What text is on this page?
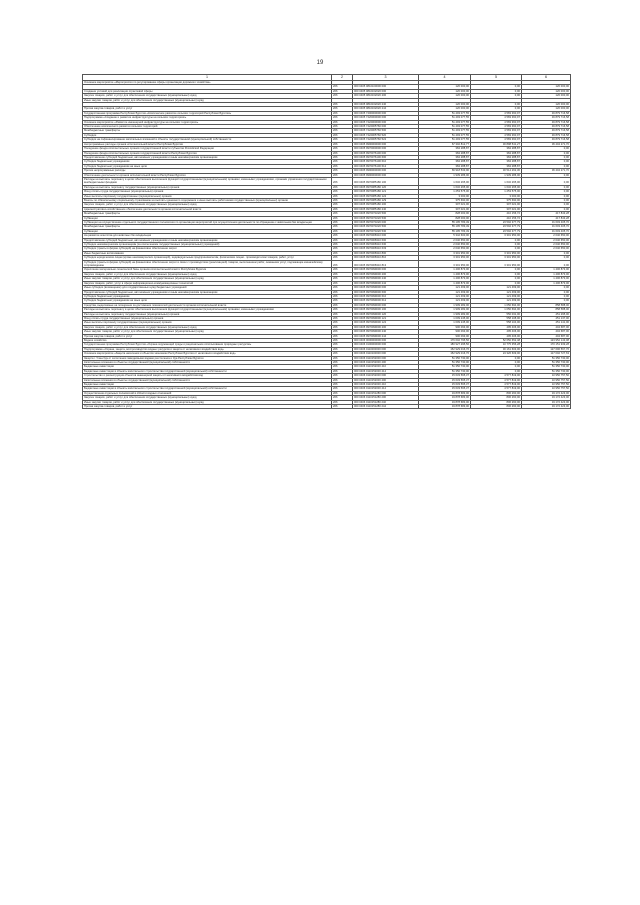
19
1	2	3	4	5	6
Основное мероприятие «Мероприятия по регулированию сферы организации дорожного хозяйства»					
	206	000 0405 0810100000 000	120 000,00	0,00	120 000,00
Создание условий для реализации отраслевой сферы	206	000 0405 0810162020 000	120 000,00	0,00	120 000,00
Закупка товаров, работ и услуг для обеспечения государственных (муниципальных) нужд	206	000 0405 0810162020 200	120 000,00	0,00	120 000,00
Иные закупки товаров, работ и услуг для обеспечения государственных (муниципальных) нужд					
	206	000 0405 0810162020 240	120 000,00	0,00	120 000,00
Прочая закупка товаров, работ и услуг	206	000 0405 0810162020 244	120 000,00	0,00	120 000,00
Государственная программа Республики Бурятия «Комплексное развитие сельских территорий Республики Бурятия»	206	000 0405 7400000000 000	51 493 077,55	4 583 360,97	46 879 716,58
Подпрограмма «Создание и развитие инфраструктуры на сельских территориях»	206	000 0405 7420000000 000	51 493 077,55	4 583 360,97	46 879 716,58
Основное мероприятие «Развитие инженерной инфраструктуры на сельских территориях»	206	000 0405 7422000000 000	51 493 077,55	4 583 360,97	46 879 716,58
Обеспечение комплексного развития сельских территорий	206	000 0405 7422005760 000	51 493 077,55	4 583 360,97	46 879 716,58
Межбюджетные трансферты	206	000 0405 7422005760 500	51 493 077,55	4 583 360,97	46 879 716,58
Субсидии	206	000 0405 7422005760 520	51 493 077,55	4 583 360,97	46 879 716,58
Субсидии на софинансирование капитальных вложений в объекты государственной (муниципальной) собственности	206	000 0405 7422005760 522	51 493 077,55	4 583 360,97	46 879 716,58
Непрограммные расходы органов исполнительной власти Республики Бурятия	206	000 0405 9990000000 000	67 302 812,77	30 898 541,27	36 404 271,70
Поощрение фонда исполнительных органов государственной власти субъектов Российской Федерации	206	000 0405 9970000000 000	384 288,87	384 288,87	0,00
Поощрение фонда исполнительных органов государственной власти Республики Бурятия	206	000 0405 9970076100 000	384 288,87	384 288,87	0,00
Предоставление субсидий бюджетным, автономным учреждениям и иным некоммерческим организациям	206	000 0405 9970076100 600	384 288,87	384 288,87	0,00
Субсидии бюджетным учреждениям	206	000 0405 9970076100 610	384 288,87	384 288,87	0,00
Субсидии бюджетным учреждениям на иные цели	206	000 0405 9970076100 612	384 288,87	384 288,87	0,00
Прочие непрограммные расходы	206	000 0405 9990000000 000	66 918 533,90	30 514 262,30	36 404 271,70
Обеспечение деятельности органов исполнительной власти Республики Бурятия	206	000 0405 9990000000 000	1 939 286,00	1 939 286,00	0,00
Расходы на выплаты персоналу в целях обеспечения выполнения функций государственными (муниципальными) органами, казенными учреждениями, органами управления государственными внебюджетными фондами	206	000 0405 9970085180 100	1 632 265,00	1 632 265,00	0,00
Расходы на выплаты персоналу государственных (муниципальных) органов	206	000 0405 9970085180 120	1 632 265,00	1 632 265,00	0,00
Фонд оплаты труда государственных (муниципальных) органов	206	000 0405 9970085180 121	1 253 575,00	1 253 575,00	0,00
Иные выплаты персоналу государственных (муниципальных) органов	206	000 0405 9970085180 122	3 000,00	3 000,00	0,00
Взносы по обязательному социальному страхованию на выплаты денежного содержания и иные выплаты работникам государственных (муниципальных) органов	206	000 0405 9970085180 129	375 690,00	375 690,00	0,00
Закупка товаров, работ и услуг для обеспечения государственных (муниципальных) нужд	206	000 0405 9970085180 200	307 021,00	307 021,00	0,00
Административно-хозяйственное обеспечение деятельности органов исполнительной власти	206	000 0405 9970085180 240	307 021,00	307 021,00	0,00
Межбюджетные трансферты	206	000 0405 9970073220 500	828 000,00	410 156,72	417 843,28
Субвенции	206	000 0405 9970073220 530	828 000,00	410 156,72	417 843,28
Субвенции на осуществление отдельного государственного полномочия по организации мероприятий при осуществлении деятельности по обращению с животными без владельцев	206	000 0405 9970073220 000	55 195 783,49	23 592 377,79	31 603 405,70
Межбюджетные трансферты	206	000 0405 9970073220 500	55 195 783,49	23 592 377,79	31 603 405,70
Субвенции	206	000 0405 9970073220 530	55 195 783,49	23 592 377,79	31 603 405,70
На развитие агентства для животных без владельцев	206	000 0405 9970008310 000	5 342 600,00	3 301 950,00	2 040 650,00
Предоставление субсидий бюджетным, автономным учреждениям и иным некоммерческим организациям	206	000 0405 9970008310 600	2 040 650,00	0,00	2 040 650,00
Субсидии некоммерческим организациям (за исключением государственных (муниципальных) учреждений)	206	000 0405 9970008310 630	2 040 650,00	0,00	2 040 650,00
Субсидии (гранты в форме субсидий) на финансовое обеспечение затрат	206	000 0405 9970008310 633	2 040 650,00	0,00	2 040 650,00
Иные бюджетные ассигнования	206	000 0405 9970008310 800	3 301 950,00	3 301 950,00	0,00
Субсидии юридическим лицам (кроме некоммерческих организаций), индивидуальным предпринимателям, физическим лицам - производителям товаров, работ, услуг	206	000 0405 9970008310 810	3 301 950,00	3 301 950,00	0,00
Субсидии (гранты в форме субсидий) на финансовое обеспечение затрат в связи с производством (реализацией) товаров, выполнением работ, оказанием услуг, подлежащие казначейскому сопровождению	206	000 0405 9970008310 813	3 301 950,00	3 301 950,00	0,00
Укрепление материально-технической базы органов исполнительной власти Республики Бурятия	206	000 0405 9970099000 000	1 406 873,00	0,00	1 406 873,00
Закупка товаров, работ и услуг для обеспечения государственных (муниципальных) нужд	206	000 0405 9970099000 200	1 406 873,00	0,00	1 406 873,00
Иные закупки товаров, работ и услуг для обеспечения государственных (муниципальных) нужд	206	000 0405 9970099000 240	1 406 873,00	0,00	1 406 873,00
Закупка товаров, работ, услуг в сфере информационно-коммуникационных технологий	206	000 0405 9970099000 242	1 406 873,00	0,00	1 406 873,00
Иные субсидии (возмещение) для государственных нужд бюджетных учреждений	206	000 0405 9970099000 000	121 469,00	121 469,00	0,00
Предоставление субсидий бюджетным, автономным учреждениям и иным некоммерческим организациям	206	000 0405 9970099000 600	121 469,00	121 469,00	0,00
Субсидии бюджетным учреждениям	206	000 0405 9970099000 610	121 469,00	121 469,00	0,00
Субсидии бюджетным учреждениям на иные цели	206	000 0405 9970099000 612	121 469,00	121 469,00	0,00
Средства, выделяемые на поощрение за достижение показателей деятельности органов исполнительной власти	206	000 0405 9970099000 000	1 909 282,00	1 050 694,00	858 588,00
Расходы на выплаты персоналу в целях обеспечения выполнения функций государственными (муниципальными) органами, казенными учреждениями	206	000 0405 9970099000 100	1 909 282,00	1 050 694,00	858 588,00
Расходы на выплаты персоналу государственных (муниципальных) органов	206	000 0405 9970099000 120	1 909 282,00	550 031,00	451 295,00
Фонд оплаты труда государственных (муниципальных) органов	206	000 0405 9970099000 121	1 009 245,00	558 108,00	451 137,00
Иные выплаты персоналу государственных (муниципальных) органов	206	000 0405 9970099000 122	1 009 245,00	558 104,00	451 141,00
Закупка товаров, работ и услуг для обеспечения государственных (муниципальных) нужд	206	000 0405 9970099000 200	900 093,00	495 406,00	404 687,00
Иные закупки товаров, работ и услуг для обеспечения государственных (муниципальных) нужд	206	000 0405 9970099000 240	900 093,00	495 406,00	404 687,00
Прочая закупка товаров, работ и услуг	206	000 0405 9970099000 244	900 093,00	495 406,00	404 687,00
Водное хозяйство	206	000 0406 0000000000 000	176 602 795,56	52 650 652,48	123 952 143,08
Государственная программа Республики Бурятия «Охрана окружающей среды и рациональное использование природных ресурсов»	206	000 0406 0100000000 000	180 927 295,56	10 775 356,28	170 151 939,28
Подпрограмма «Охрана, защита, воспроизводство водных ресурсов и защита от негативного воздействия вод»	206	000 0406 0110000000 000	152 929 016,76	30 161 603,00	127 696 567,76
Основное мероприятие «Защита населения и объектов экономики Республики Бурятия от негативного воздействия вод»	206	000 0406 0110100000 000	152 929 016,76	24 326 609,00	117 002 727,63
Защита г. Улан-Удэ от затопления паводковыми водами рек Селенга и Уда Республики Бурятия	206	000 0406 0110152000 000	51 350 730,00	0,00	51 350 730,00
Капитальные вложения в объекты государственной (муниципальной) собственности	206	000 0406 0110152000 400	51 350 730,00	0,00	51 350 730,00
Бюджетные инвестиции	206	000 0406 0110152000 410	51 350 730,00	0,00	51 350 730,00
Бюджетные инвестиции в объекты капитального строительства государственной (муниципальной) собственности	206	000 0406 0110152000 414	51 350 730,00	0,00	51 350 730,00
Строительство и реконструкция объектов инженерной защиты от негативного воздействия вод	206	000 0406 0110152000 000	15 633 565,37	4 577 819,00	10 950 757,50
Капитальные вложения в объекты государственной (муниципальной) собственности	206	000 0406 0110152000 400	15 633 565,37	4 577 819,00	10 950 757,50
Бюджетные инвестиции	206	000 0406 0110152000 410	15 633 565,37	4 577 819,00	10 950 757,50
Бюджетные инвестиции в объекты капитального строительства государственной (муниципальной) собственности	206	000 0406 0110152000 414	15 633 565,37	4 577 819,00	10 950 757,50
Осуществление отдельных полномочий в области водных отношений	206	000 0406 0110151280 000	19 878 683,00	806 260,00	19 172 423,00
Закупка товаров, работ и услуг для обеспечения государственных (муниципальных) нужд	206	000 0406 0110151280 200	19 878 683,00	806 260,00	19 172 423,00
Иные закупки товаров, работ и услуг для обеспечения государственных (муниципальных) нужд	206	000 0406 0110151280 240	19 878 683,00	806 260,00	19 172 423,00
Прочая закупка товаров, работ и услуг	206	000 0406 0110151280 244	19 878 683,00	806 260,00	19 172 423,00
